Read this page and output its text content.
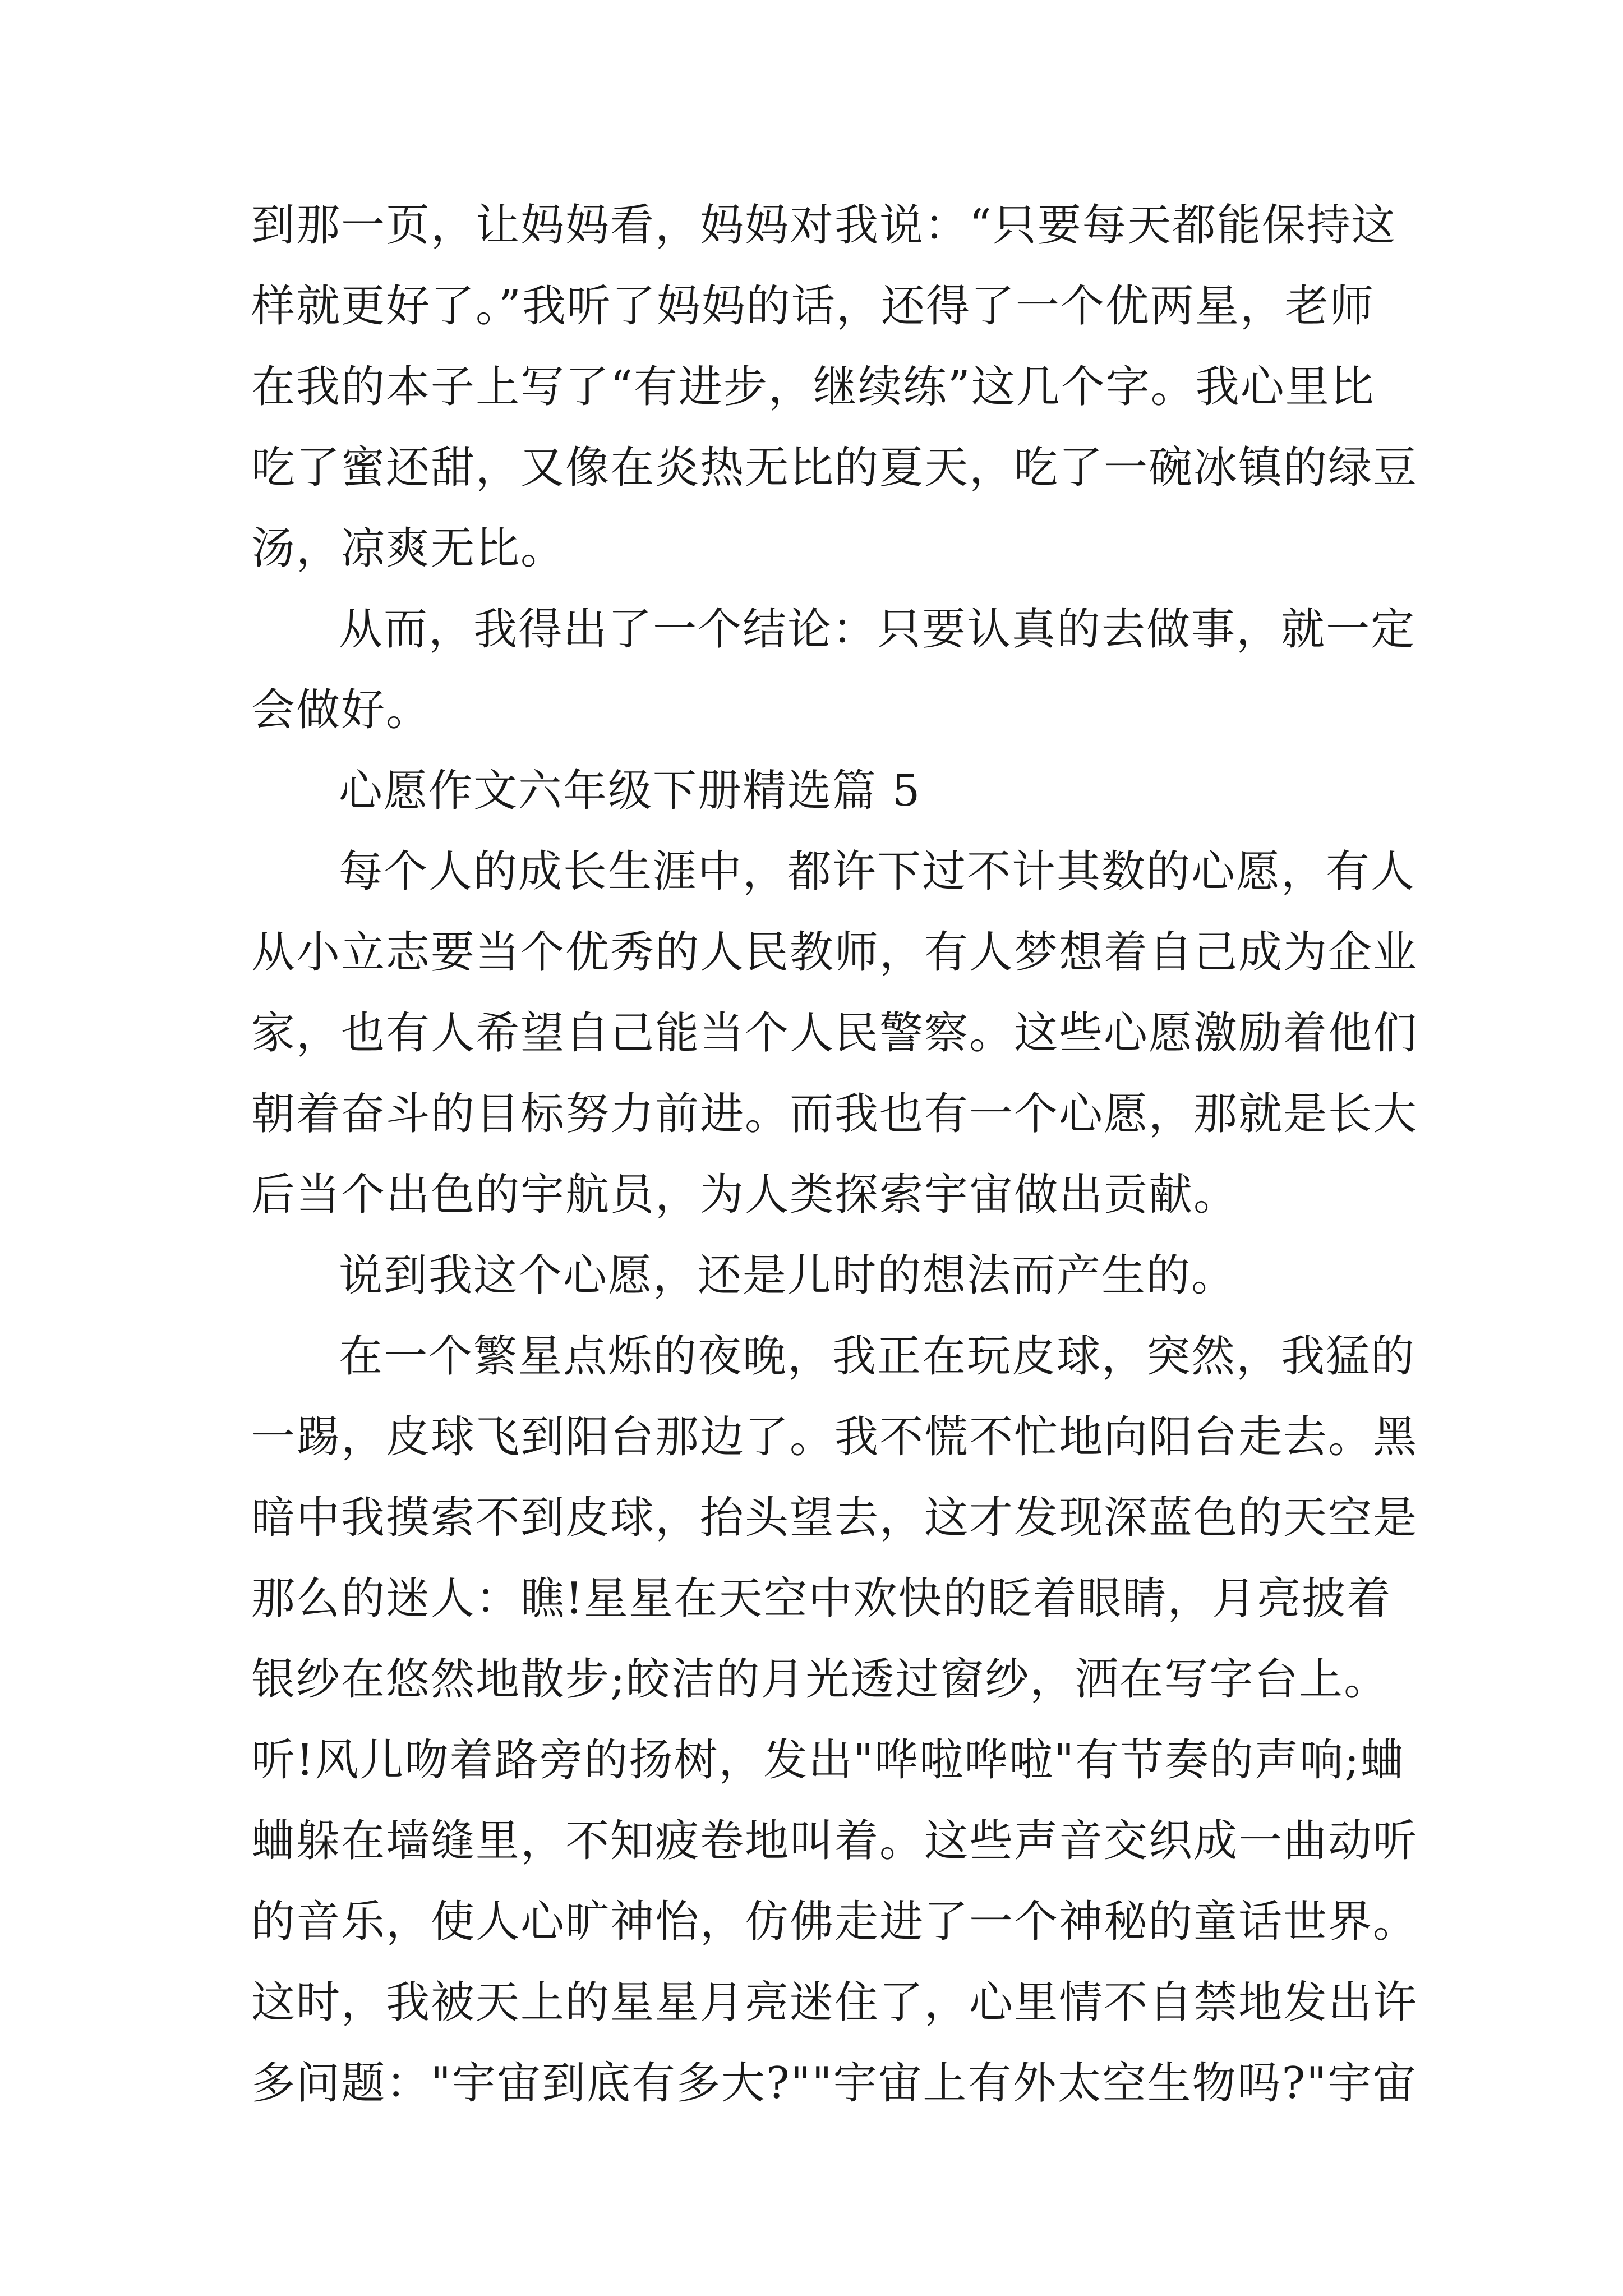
到那一页，让妈妈看，妈妈对我说：“只要每天都能保持这
样就更好了。”我听了妈妈的话，还得了一个优两星，老师
在我的本子上写了“有进步，继续练”这几个字。我心里比
吃了蜜还甜，又像在炎热无比的夏天，吃了一碗冰镇的绿豆
汤，凉爽无比。

从而，我得出了一个结论：只要认真的去做事，就一定
会做好。

心愿作文六年级下册精选篇 5

每个人的成长生涯中，都许下过不计其数的心愿，有人
从小立志要当个优秀的人民教师，有人梦想着自己成为企业
家，也有人希望自己能当个人民警察。这些心愿激励着他们
朝着奋斗的目标努力前进。而我也有一个心愿，那就是长大
后当个出色的宇航员，为人类探索宇宙做出贡献。

说到我这个心愿，还是儿时的想法而产生的。

在一个繁星点烁的夜晚，我正在玩皮球，突然，我猛的
一踢，皮球飞到阳台那边了。我不慌不忙地向阳台走去。黑
暗中我摸索不到皮球，抬头望去，这才发现深蓝色的天空是
那么的迷人：瞧!星星在天空中欢快的眨着眼睛，月亮披着
银纱在悠然地散步;皎洁的月光透过窗纱，洒在写字台上。
听!风儿吻着路旁的扬树，发出"哗啦哗啦"有节奏的声响;蛐
蛐躲在墙缝里，不知疲卷地叫着。这些声音交织成一曲动听
的音乐，使人心旷神怡，仿佛走进了一个神秘的童话世界。
这时，我被天上的星星月亮迷住了，心里情不自禁地发出许
多问题："宇宙到底有多大?""宇宙上有外太空生物吗?"宇宙
